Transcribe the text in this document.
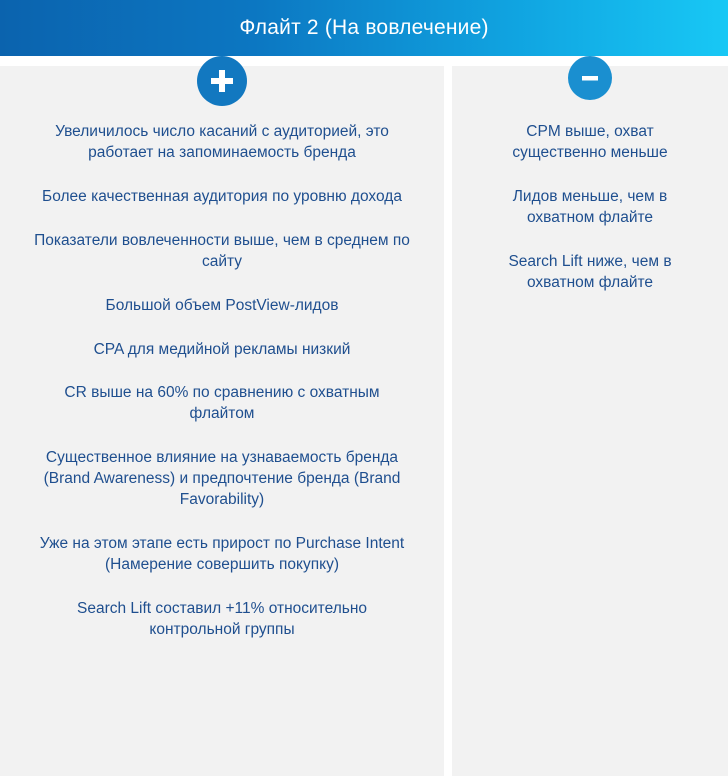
Флайт 2 (На вовлечение)
Увеличилось число касаний с аудиторией, это работает на запоминаемость бренда
Более качественная аудитория по уровню дохода
Показатели вовлеченности выше, чем в среднем по сайту
Большой объем PostView-лидов
CPA для медийной рекламы низкий
CR выше на 60% по сравнению с охватным флайтом
Существенное влияние на узнаваемость бренда (Brand Awareness) и предпочтение бренда (Brand Favorability)
Уже на этом этапе есть прирост по Purchase Intent (Намерение совершить покупку)
Search Lift составил +11% относительно контрольной группы
CPM выше, охват существенно меньше
Лидов меньше, чем в охватном флайте
Search Lift ниже, чем в охватном флайте
